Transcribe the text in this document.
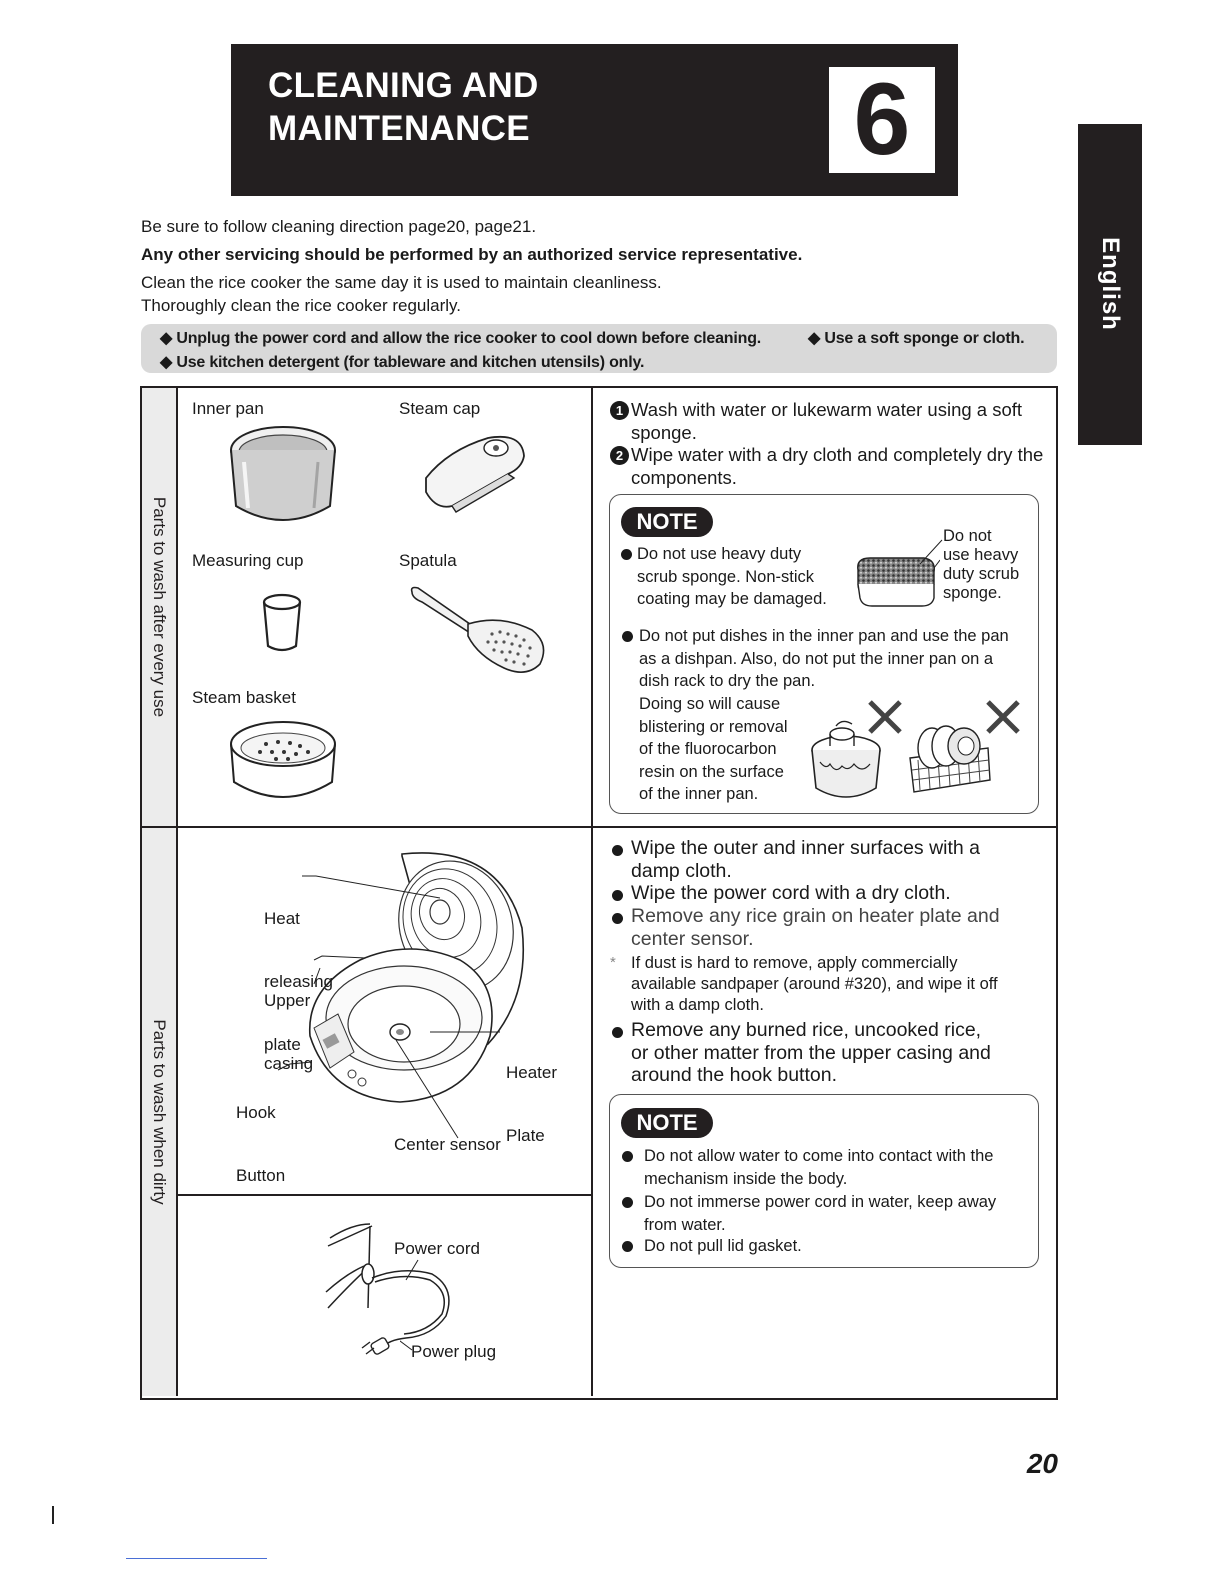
CLEANING AND
MAINTENANCE	6
English
Be sure to follow cleaning direction page20, page21.
Any other servicing should be performed by an authorized service representative.
Clean the rice cooker the same day it is used to maintain cleanliness.
Thoroughly clean the rice cooker regularly.
◆ Unplug the power cord and allow the rice cooker to cool down before cleaning.	◆ Use a soft sponge or cloth.
◆ Use kitchen detergent (for tableware and kitchen utensils) only.
Parts to wash after every use
Parts to wash when dirty
Inner pan	Steam cap
Measuring cup	Spatula
Steam basket
1 Wash with water or lukewarm water using a soft
sponge.
2 Wipe water with a dry cloth and completely dry the
components.
NOTE
Do not use heavy duty
scrub sponge. Non-stick
coating may be damaged.
Do not
use heavy
duty scrub
sponge.
Do not put dishes in the inner pan and use the pan
as a dishpan. Also, do not put the inner pan on a
dish rack to dry the pan.
Doing so will cause
blistering or removal
of the fluorocarbon
resin on the surface
of the inner pan.

Heat

releasing

plate

Upper

casing

Hook

Button

Heater

Plate

Center sensor
Power cord
Power plug
Wipe the outer and inner surfaces with a
damp cloth.
Wipe the power cord with a dry cloth.
Remove any rice grain on heater plate and
center sensor.
* If dust is hard to remove, apply commercially
available sandpaper (around #320), and wipe it off
with a damp cloth.
Remove any burned rice, uncooked rice,
or other matter from the upper casing and
around the hook button.
NOTE
Do not allow water to come into contact with the
mechanism inside the body.
Do not immerse power cord in water, keep away
from water.
Do not pull lid gasket.
20
